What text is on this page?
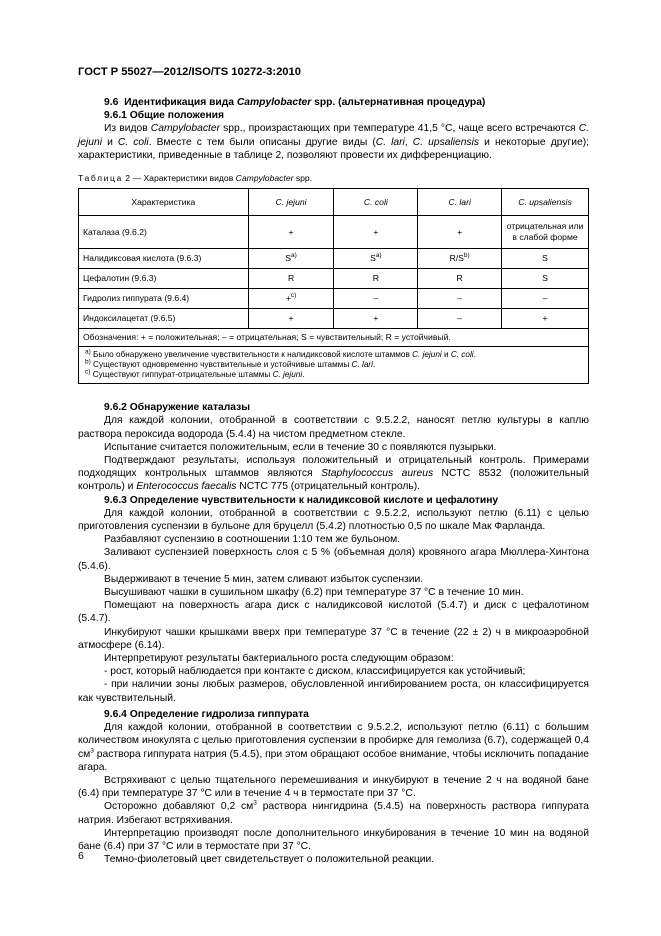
ГОСТ Р 55027—2012/ISO/TS 10272-3:2010

9.6 Идентификация вида Campylobacter spp. (альтернативная процедура)

9.6.1 Общие положения

Из видов Campylobacter spp., произрастающих при температуре 41,5 °С, чаще всего встречаются C. jejuni и C. coli. Вместе с тем были описаны другие виды (C. lari, C. upsaliensis и некоторые другие); характеристики, приведенные в таблице 2, позволяют провести их дифференциацию.

Таблица 2 — Характеристики видов Campylobacter spp.

Характеристика	C. jejuni	C. coli	C. lari	C. upsaliensis
Каталаза (9.6.2)	+	+	+	отрицательная или в слабой форме
Налидиксовая кислота (9.6.3)	$S^{a)}$	$S^{a)}$	$R/S^{b)}$	S
Цефалотин (9.6.3)	R	R	R	S
Гидролиз гиппурата (9.6.4)	+$^{c)}$	–	–	–
Индоксилацетат (9.6.5)	+	+	–	+
Обозначения: + = положительная; – = отрицательная; S = чувствительный; R = устойчивый.				

$^{a)}$ Было обнаружено увеличение чувствительности к налидиксовой кислоте штаммов C. jejuni и C. coli.
$^{b)}$ Существуют одновременно чувствительные и устойчивые штаммы C. lari.
$^{c)}$ Существуют гиппурат-отрицательные штаммы C. jejuni.				

9.6.2 Обнаружение каталазы

Для каждой колонии, отобранной в соответствии с 9.5.2.2, наносят петлю культуры в каплю раствора пероксида водорода (5.4.4) на чистом предметном стекле.

Испытание считается положительным, если в течение 30 с появляются пузырьки.

Подтверждают результаты, используя положительный и отрицательный контроль. Примерами подходящих контрольных штаммов являются Staphylococcus aureus NCTC 8532 (положительный контроль) и Enterococcus faecalis NCTC 775 (отрицательный контроль).

9.6.3 Определение чувствительности к налидиксовой кислоте и цефалотину

Для каждой колонии, отобранной в соответствии с 9.5.2.2, используют петлю (6.11) с целью приготовления суспензии в бульоне для бруцелл (5.4.2) плотностью 0,5 по шкале Мак Фарланда.

Разбавляют суспензию в соотношении 1:10 тем же бульоном.

Заливают суспензией поверхность слоя с 5 % (объемная доля) кровяного агара Мюллера-Хинтона (5.4.6).

Выдерживают в течение 5 мин, затем сливают избыток суспензии.

Высушивают чашки в сушильном шкафу (6.2) при температуре 37 °С в течение 10 мин.

Помещают на поверхность агара диск с налидиксовой кислотой (5.4.7) и диск с цефалотином (5.4.7).

Инкубируют чашки крышками вверх при температуре 37 °С в течение (22 ± 2) ч в микроаэробной атмосфере (6.14).

Интерпретируют результаты бактериального роста следующим образом:

- рост, который наблюдается при контакте с диском, классифицируется как устойчивый;

- при наличии зоны любых размеров, обусловленной ингибированием роста, он классифицируется как чувствительный.

9.6.4 Определение гидролиза гиппурата

Для каждой колонии, отобранной в соответствии с 9.5.2.2, используют петлю (6.11) с большим количеством инокулята с целью приготовления суспензии в пробирке для гемолиза (6.7), содержащей 0,4 $см^3$ раствора гиппурата натрия (5.4.5), при этом обращают особое внимание, чтобы исключить попадание агара.

Встряхивают с целью тщательного перемешивания и инкубируют в течение 2 ч на водяной бане (6.4) при температуре 37 °С или в течение 4 ч в термостате при 37 °С.

Осторожно добавляют 0,2 $см^3$ раствора нингидрина (5.4.5) на поверхность раствора гиппурата натрия. Избегают встряхивания.

Интерпретацию производят после дополнительного инкубирования в течение 10 мин на водяной бане (6.4) при 37 °С или в термостате при 37 °С.

Темно-фиолетовый цвет свидетельствует о положительной реакции.

6
